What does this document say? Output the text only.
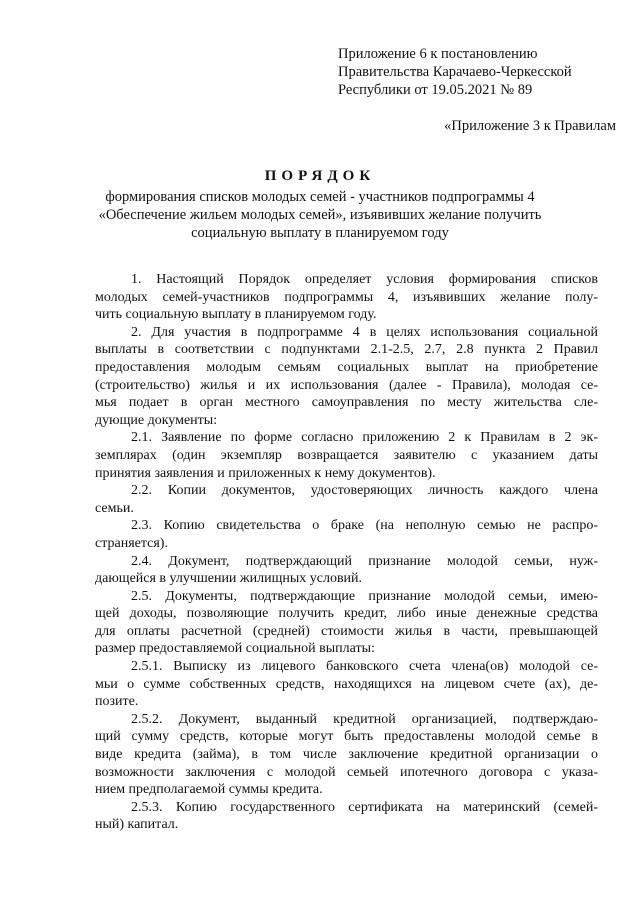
Приложение 6 к постановлению
Правительства Карачаево-Черкесской
Республики от 19.05.2021 № 89
«Приложение 3 к Правилам
ПОРЯДОК
формирования списков молодых семей - участников подпрограммы 4
«Обеспечение жильем молодых семей», изъявивших желание получить
социальную выплату в планируемом году

1. Настоящий Порядок определяет условия формирования списков
молодых семей-участников подпрограммы 4, изъявивших желание полу-
чить социальную выплату в планируемом году.

2. Для участия в подпрограмме 4 в целях использования социальной
выплаты в соответствии с подпунктами 2.1-2.5, 2.7, 2.8 пункта 2 Правил
предоставления молодым семьям социальных выплат на приобретение
(строительство) жилья и их использования (далее - Правила), молодая се-
мья подает в орган местного самоуправления по месту жительства сле-
дующие документы:

2.1. Заявление по форме согласно приложению 2 к Правилам в 2 эк-
земплярах (один экземпляр возвращается заявителю с указанием даты
принятия заявления и приложенных к нему документов).

2.2. Копии документов, удостоверяющих личность каждого члена
семьи.

2.3. Копию свидетельства о браке (на неполную семью не распро-
страняется).

2.4. Документ, подтверждающий признание молодой семьи, нуж-
дающейся в улучшении жилищных условий.

2.5. Документы, подтверждающие признание молодой семьи, имею-
щей доходы, позволяющие получить кредит, либо иные денежные средства
для оплаты расчетной (средней) стоимости жилья в части, превышающей
размер предоставляемой социальной выплаты:

2.5.1. Выписку из лицевого банковского счета члена(ов) молодой се-
мьи о сумме собственных средств, находящихся на лицевом счете (ах), де-
позите.

2.5.2. Документ, выданный кредитной организацией, подтверждаю-
щий сумму средств, которые могут быть предоставлены молодой семье в
виде кредита (займа), в том числе заключение кредитной организации о
возможности заключения с молодой семьей ипотечного договора с указа-
нием предполагаемой суммы кредита.

2.5.3. Копию государственного сертификата на материнский (семей-
ный) капитал.
